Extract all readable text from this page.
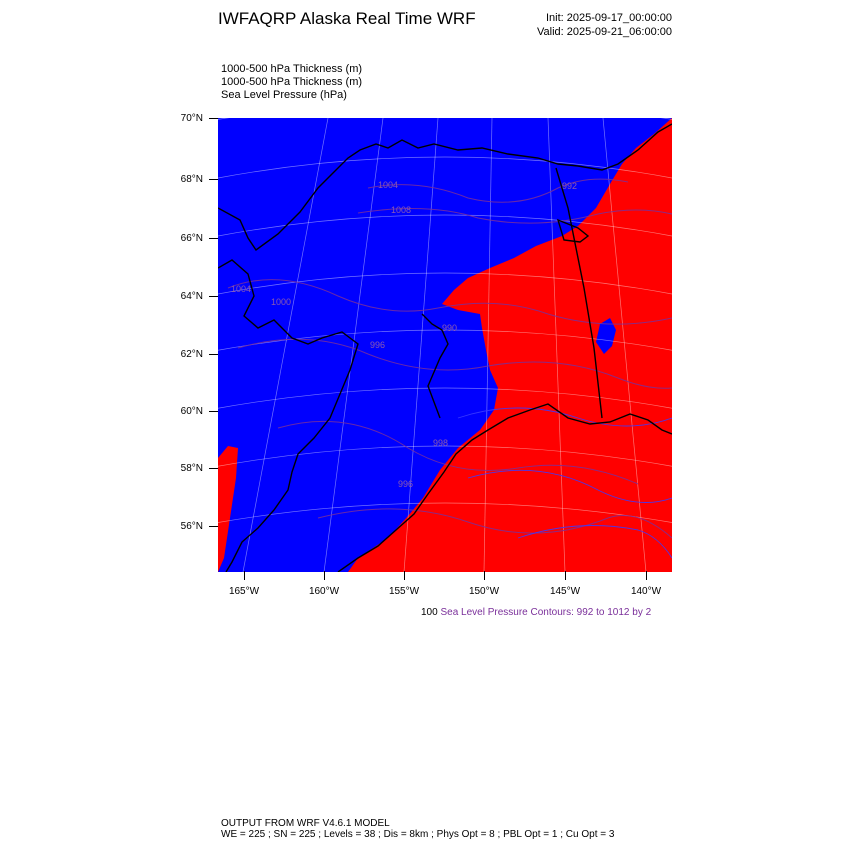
IWFAQRP Alaska Real Time WRF	Init: 2025-09-17_00:00:00
Valid: 2025-09-21_06:00:00
1000-500 hPa Thickness (m)
1000-500 hPa Thickness (m)
Sea Level Pressure (hPa)
70°N
68°N
66°N
64°N
62°N
60°N
58°N
56°N
165°W	160°W	155°W	150°W	145°W	140°W
1004
1008
992
1004
1000
996
996
998
990
100 Sea Level Pressure Contours: 992 to 1012 by 2
OUTPUT FROM WRF V4.6.1 MODEL
WE = 225 ; SN = 225 ; Levels = 38 ; Dis = 8km ; Phys Opt = 8 ; PBL Opt = 1 ; Cu Opt = 3
